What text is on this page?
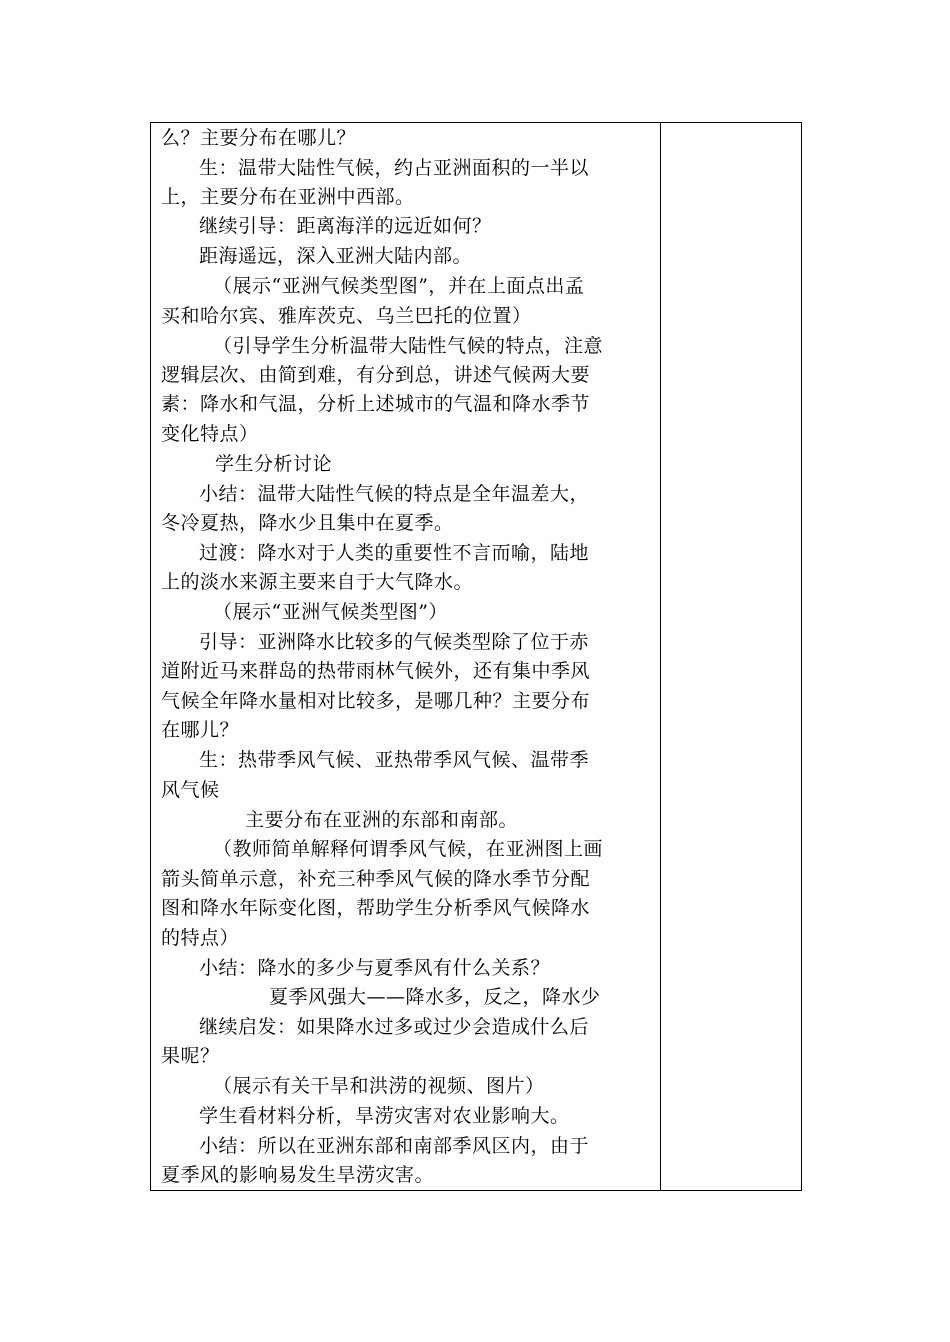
么？主要分布在哪儿？
生：温带大陆性气候，约占亚洲面积的一半以
上，主要分布在亚洲中西部。
继续引导：距离海洋的远近如何？
距海遥远，深入亚洲大陆内部。
（展示“亚洲气候类型图”，并在上面点出孟
买和哈尔宾、雅库茨克、乌兰巴托的位置）
（引导学生分析温带大陆性气候的特点，注意
逻辑层次、由简到难，有分到总，讲述气候两大要
素：降水和气温，分析上述城市的气温和降水季节
变化特点）
学生分析讨论
小结：温带大陆性气候的特点是全年温差大，
冬冷夏热，降水少且集中在夏季。
过渡：降水对于人类的重要性不言而喻，陆地
上的淡水来源主要来自于大气降水。
（展示“亚洲气候类型图”）
引导：亚洲降水比较多的气候类型除了位于赤
道附近马来群岛的热带雨林气候外，还有集中季风
气候全年降水量相对比较多，是哪几种？主要分布
在哪儿？
生：热带季风气候、亚热带季风气候、温带季
风气候
主要分布在亚洲的东部和南部。
（教师简单解释何谓季风气候，在亚洲图上画
箭头简单示意，补充三种季风气候的降水季节分配
图和降水年际变化图，帮助学生分析季风气候降水
的特点）
小结：降水的多少与夏季风有什么关系？
夏季风强大——降水多，反之，降水少
继续启发：如果降水过多或过少会造成什么后
果呢？
（展示有关干旱和洪涝的视频、图片）
学生看材料分析，旱涝灾害对农业影响大。
小结：所以在亚洲东部和南部季风区内，由于
夏季风的影响易发生旱涝灾害。
